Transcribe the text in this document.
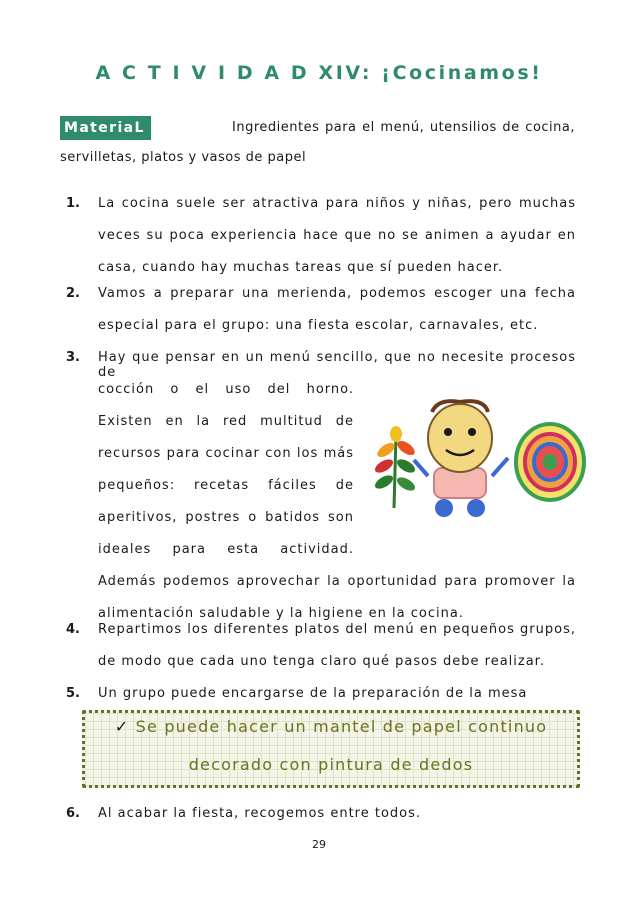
A C T I V I D A D XIV: ¡Cocinamos!
MateriaL	Ingredientes para el menú, utensilios de cocina,
servilletas, platos y vasos de papel
1. La cocina suele ser atractiva para niños y niñas, pero muchas
veces su poca experiencia hace que no se animen a ayudar en
casa, cuando hay muchas tareas que sí pueden hacer.
2. Vamos a preparar una merienda, podemos escoger una fecha
especial para el grupo: una fiesta escolar, carnavales, etc.
3. Hay que pensar en un menú sencillo, que no necesite procesos de
cocción o el uso del horno.
Existen en la red multitud de
recursos para cocinar con los más
pequeños: recetas fáciles de
aperitivos, postres o batidos son
ideales para esta actividad.
Además podemos aprovechar la oportunidad para promover la
alimentación saludable y la higiene en la cocina.
4. Repartimos los diferentes platos del menú en pequeños grupos,
de modo que cada uno tenga claro qué pasos debe realizar.
5. Un grupo puede encargarse de la preparación de la mesa
✓ Se puede hacer un mantel de papel continuo
decorado con pintura de dedos
6. Al acabar la fiesta, recogemos entre todos.
29
